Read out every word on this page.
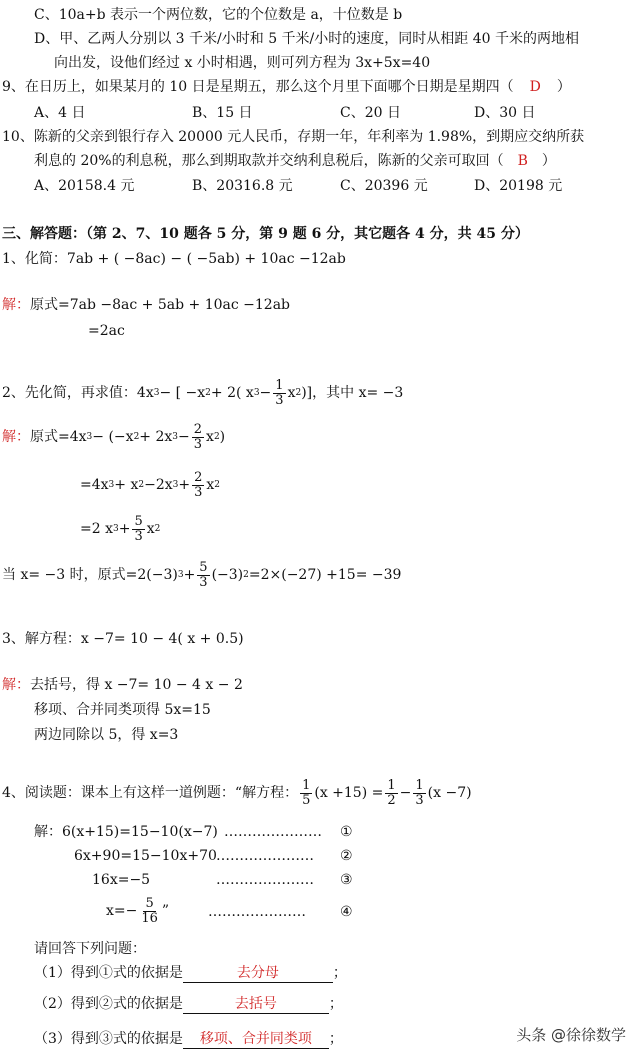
C、10a+b 表示一个两位数，它的个位数是 a，十位数是 b
D、甲、乙两人分别以 3 千米/小时和 5 千米/小时的速度，同时从相距 40 千米的两地相
向出发，设他们经过 x 小时相遇，则可列方程为 3x+5x=40
9、在日历上，如果某月的 10 日是星期五，那么这个月里下面哪个日期是星期四（ D ）
A、4 日	B、15 日	C、20 日	D、30 日
10、陈新的父亲到银行存入 20000 元人民币，存期一年，年利率为 1.98%，到期应交纳所获
利息的 20%的利息税，那么到期取款并交纳利息税后，陈新的父亲可取回（ B ）
A、20158.4 元	B、20316.8 元	C、20396 元	D、20198 元
三、解答题：（第 2、7、10 题各 5 分，第 9 题 6 分，其它题各 4 分，共 45 分）
1、化简：7ab + ( −8ac) − ( −5ab) + 10ac −12ab
解：原式=7ab −8ac + 5ab + 10ac −12ab
=2ac
2、先化简，再求值：4x 3 − [ −x 2 + 2( x $3 - \frac{1}{3}$ x 2 )]，其中 x= −3
解： 原式=4x 3 − (−x 2 + 2x $3 - \frac{2}{3}$ x 2 )
=4x 3 + x 2 −2x $3 + \frac{2}{3}$ x 2
=2 x $3 + \frac{5}{3}$ x 2
当 x= −3 时，原式=2(−3) $3 + \frac{5}{3} (-3)$ 2 =2×(−27) +15= −39
3、解方程：x −7= 10 − 4( x + 0.5)
解：去括号，得 x −7= 10 − 4 x − 2
移项、合并同类项得 5x=15
两边同除以 5，得 x=3
4、阅读题：课本上有这样一道例题：“解方程： $\frac{1}{5} (x +15) = \frac{1}{2} - \frac{1}{3} (x -7)$
解：6(x+15)=15−10(x−7) ………………… ①
6x+90=15−10x+70 ………………… ②
16x=−5	………………… ③
$x=- \frac{5}{16}$ ”	………………… ④
请回答下列问题：
（1）得到①式的依据是	去分母	；
（2）得到②式的依据是	去括号	；
（3）得到③式的依据是 移项、合并同类项 ；	头条 @徐徐数学
